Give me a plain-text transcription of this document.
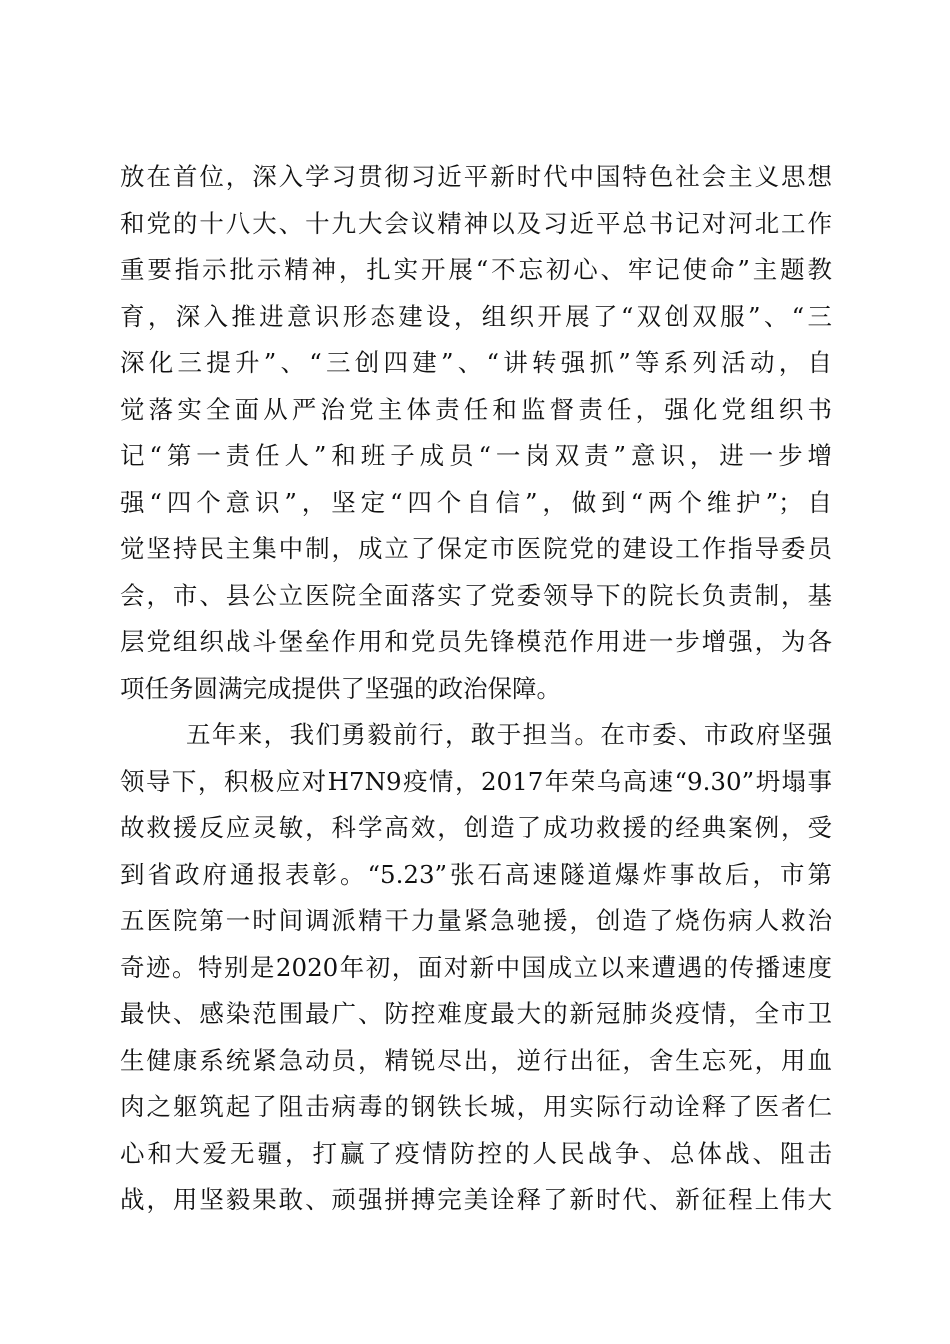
放在首位，深入学习贯彻习近平新时代中国特色社会主义思想
和党的十八大、十九大会议精神以及习近平总书记对河北工作
重要指示批示精神，扎实开展“不忘初心、牢记使命”主题教
育，深入推进意识形态建设，组织开展了“双创双服”、“三
深化三提升”、“三创四建”、“讲转强抓”等系列活动，自
觉落实全面从严治党主体责任和监督责任，强化党组织书
记“第一责任人”和班子成员“一岗双责”意识，进一步增
强“四个意识”，坚定“四个自信”，做到“两个维护”；自
觉坚持民主集中制，成立了保定市医院党的建设工作指导委员
会，市、县公立医院全面落实了党委领导下的院长负责制，基
层党组织战斗堡垒作用和党员先锋模范作用进一步增强，为各
项任务圆满完成提供了坚强的政治保障。
五年来，我们勇毅前行，敢于担当。在市委、市政府坚强
领导下，积极应对H7N9疫情，2017年荣乌高速“9.30”坍塌事
故救援反应灵敏，科学高效，创造了成功救援的经典案例，受
到省政府通报表彰。“5.23”张石高速隧道爆炸事故后，市第
五医院第一时间调派精干力量紧急驰援，创造了烧伤病人救治
奇迹。特别是2020年初，面对新中国成立以来遭遇的传播速度
最快、感染范围最广、防控难度最大的新冠肺炎疫情，全市卫
生健康系统紧急动员，精锐尽出，逆行出征，舍生忘死，用血
肉之躯筑起了阻击病毒的钢铁长城，用实际行动诠释了医者仁
心和大爱无疆，打赢了疫情防控的人民战争、总体战、阻击
战，用坚毅果敢、顽强拼搏完美诠释了新时代、新征程上伟大
